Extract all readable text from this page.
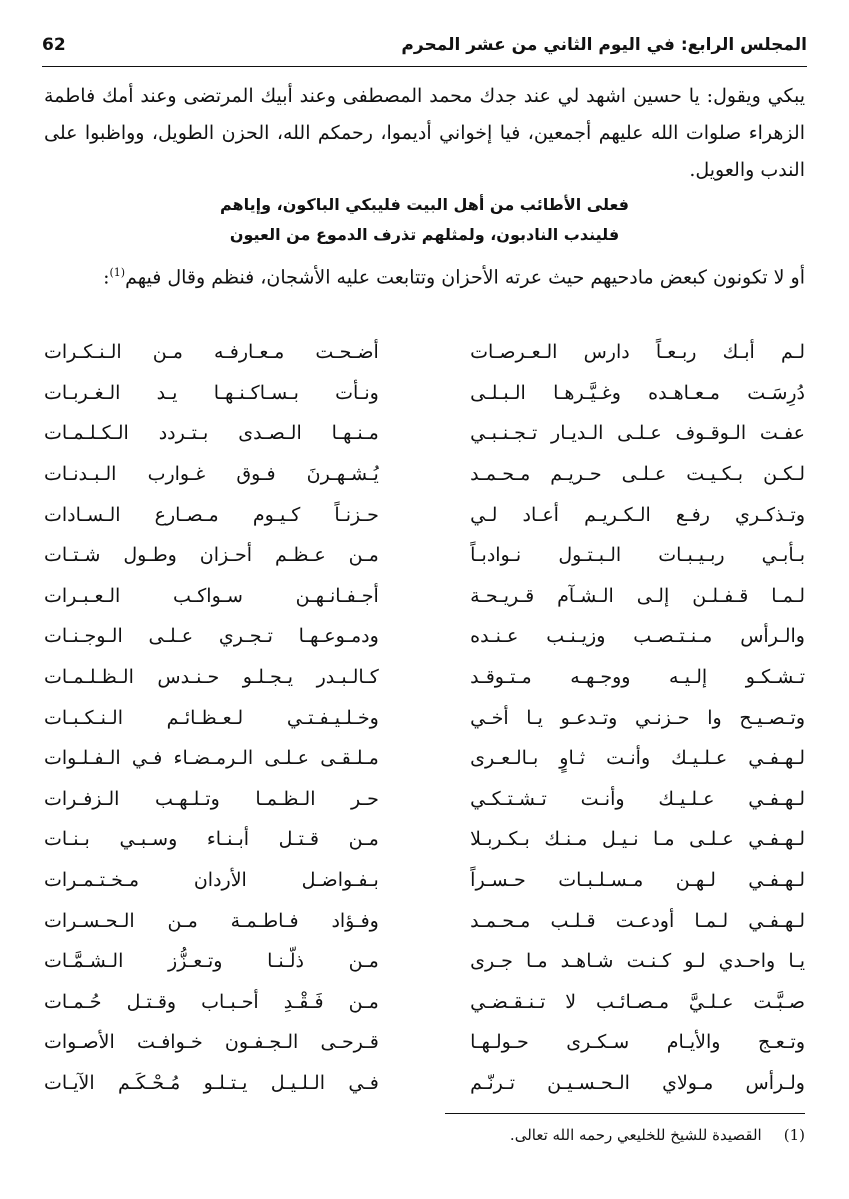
المجلس الرابع: في اليوم الثاني من عشر المحرم
62
يبكي ويقول: يا حسين اشهد لي عند جدك محمد المصطفى وعند أبيك المرتضى وعند أمك فاطمة الزهراء صلوات الله عليهم أجمعين، فيا إخواني أديموا، رحمكم الله، الحزن الطويل، وواظبوا على الندب والعويل.
فعلى الأطائب من أهل البيت فليبكي الباكون، وإياهم
فليندب النادبون، ولمثلهم تذرف الدموع من العيون
أو لا تكونون كبعض مادحيهم حيث عرته الأحزان وتتابعت عليه الأشجان، فنظم وقال فيهم$^{(1)}$:
لـم أبـك ربـعـاً دارس الـعـرصـات
أضـحـت مـعـارفـه مـن الـنـكـرات
دُرِسَـت مـعـاهـده وغـيَّـرهـا الـبـلـى
ونـأت بـسـاكـنـهـا يـد الـغـربـات
عفـت الـوقـوف عـلـى الـديـار تـجـنـبـي
مـنـهـا الـصـدى بـتـردد الـكـلـمـات
لـكـن بـكـيـت عـلـى حـريـم مـحـمـد
يُـشـهـرنَ فـوق غـوارب الـبـدنـات
وتـذكـري رفـع الـكـريـم أعـاد لـي
حـزنـاً كـيـوم مـصـارع الـسـادات
بـأبـي ربـيـبـات الـبـتـول نـوادبـاً
مـن عـظـم أحـزان وطـول شـتـات
لـمـا قـفـلـن إلـى الـشـآم قـريـحـة
أجـفـانـهـن سـواكـب الـعـبـرات
والـرأس مـنـتـصـب وزيـنـب عـنـده
ودمـوعـهـا تـجـري عـلـى الـوجـنـات
تـشـكـو إلـيـه ووجـهـه مـتـوقـد
كـالـبـدر يـجـلـو حـنـدس الـظـلـمـات
وتـصـيـح وا حـزنـي وتـدعـو يـا أخـي
وخـلـيـفـتـي لـعـظـائـم الـنـكـبـات
لـهـفـي عـلـيـك وأنـت ثـاوٍ بـالـعـرى
مـلـقـى عـلـى الـرمـضـاء فـي الـفـلـوات
لـهـفـي عـلـيـك وأنـت تـشـتـكـي
حـر الـظـمـا وتـلـهـب الـزفـرات
لـهـفـي عـلـى مـا نـيـل مـنـك بـكـربـلا
مـن قـتـل أبـنـاء وسـبـي بـنـات
لـهـفـي لـهـن مـسـلـبـات حـسـراً
بـفـواضـل الأردان مـخـتـمـرات
لـهـفـي لـمـا أودعـت قـلـب مـحـمـد
وفـؤاد فـاطـمـة مـن الـحـسـرات
يـا واحـدي لـو كـنـت شـاهـد مـا جـرى
مـن ذلّـنـا وتـعـزُّز الـشـمَّـات
صـبَّـت عـلـيَّ مـصـائـب لا تـنـقـضـي
مـن فَـقْـدِ أحـبـاب وقـتـل حُـمـات
وتـعـج والأيـام سـكـرى حـولـهـا
قـرحـى الـجـفـون خـوافـت الأصـوات
ولـرأس مـولاي الـحـسـيـن تـرنّـم
فـي الـلـيـل يـتـلـو مُـحْـكَـم الآيـات
(1)القصيدة للشيخ للخليعي رحمه الله تعالى.
